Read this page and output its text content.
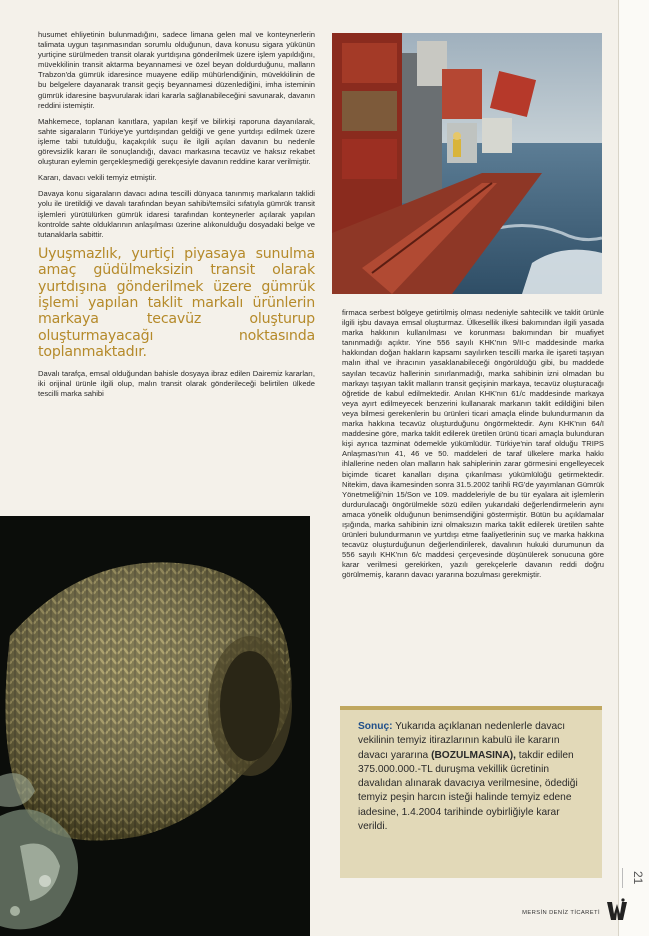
husumet ehliyetinin bulunmadığını, sadece limana gelen mal ve konteynerlerin talimata uygun taşınmasından sorumlu olduğunun, dava konusu sigara yükünün yurtiçine sürülmeden transit olarak yurtdışına gönderilmek üzere işlem yapıldığını, müvekkilinin transit aktarma beyannamesi ve özel beyan doldurduğunu, malların Trabzon'da gümrük idaresince muayene edilip mühürlendiğinin, müvekkilinin de bu belgelere dayanarak transit geçiş beyannamesi düzenlediğini, imha isteminin gümrük idaresine başvurularak idari kararla sağlanabileceğini savunarak, davanın reddini istemiştir.

Mahkemece, toplanan kanıtlara, yapılan keşif ve bilirkişi raporuna dayanılarak, sahte sigaraların Türkiye'ye yurtdışından geldiği ve gene yurtdışı edilmek üzere işleme tabi tutulduğu, kaçakçılık suçu ile ilgili açılan davanın bu nedenle görevsizlik kararı ile sonuçlandığı, davacı markasına tecavüz ve haksız rekabet oluşturan eylemin gerçekleşmediği gerekçesiyle davanın reddine karar verilmiştir.

Kararı, davacı vekili temyiz etmiştir.

Davaya konu sigaraların davacı adına tescilli dünyaca tanınmış markaların taklidi yolu ile üretildiği ve davalı tarafından beyan sahibi/temsilci sıfatıyla gümrük transit işlemleri yürütülürken gümrük idaresi tarafından konteynerler açılarak yapılan kontrolde sahte olduklarının anlaşılması üzerine alıkonulduğu dosyadaki belge ve tutanaklarla sabittir.

Uyuşmazlık, yurtiçi piyasaya sunulma amaç güdülmeksizin transit olarak yurtdışına gönderilmek üzere gümrük işlemi yapılan taklit markalı ürünlerin markaya tecavüz oluşturup oluşturmayacağı noktasında toplanmaktadır.

Davalı tarafça, emsal olduğundan bahisle dosyaya ibraz edilen Dairemiz kararları, iki orijinal ürünle ilgili olup, malın transit olarak gönderileceği belirtilen ülkede tescilli marka sahibi

firmaca serbest bölgeye getirtilmiş olması nedeniyle sahtecilik ve taklit ürünle ilgili işbu davaya emsal oluşturmaz. Ülkesellik ilkesi bakımından ilgili yasada marka hakkının kullanılması ve korunması bakımından bir muafiyet tanınmadığı açıktır. Yine 556 sayılı KHK'nın 9/II-c maddesinde marka hakkından doğan hakların kapsamı sayılırken tescilli marka ile işareti taşıyan malın ithal ve ihracının yasaklanabileceği öngörüldüğü gibi, bu maddede sayılan tecavüz hallerinin sınırlanmadığı, marka sahibinin izni olmadan bu markayı taşıyan taklit malların transit geçişinin markaya, tecavüz oluşturacağı öğretide de kabul edilmektedir. Anılan KHK'nın 61/c maddesinde markaya veya ayırt edilmeyecek benzerini kullanarak markanın taklit edildiğini bilen veya bilmesi gerekenlerin bu ürünleri ticari amaçla elinde bulundurmanın da marka hakkına tecavüz oluşturduğunu öngörmektedir. Aynı KHK'nın 64/I maddesine göre, marka taklit edilerek üretilen ürünü ticari amaçla bulunduran kişi ayrıca tazminat ödemekle yükümlüdür. Türkiye'nin taraf olduğu TRIPS Anlaşması'nın 41, 46 ve 50. maddeleri de taraf ülkelere marka hakkı ihlallerine neden olan malların hak sahiplerinin zarar görmesini engelleyecek biçimde ticaret kanalları dışına çıkarılması yükümlülüğü getirmektedir. Nitekim, dava ikamesinden sonra 31.5.2002 tarihli RG'de yayımlanan Gümrük Yönetmeliği'nin 15/Son ve 109. maddeleriyle de bu tür eyalara ait işlemlerin durdurulacağı öngörülmekle sözü edilen yukarıdaki değerlendirmelerin aynı amaca yönelik olduğunun benimsendiğini göstermiştir. Bütün bu açıklamalar ışığında, marka sahibinin izni olmaksızın marka taklit edilerek üretilen sahte ürünleri bulundurmanın ve yurtdışı etme faaliyetlerinin suç ve marka hakkına tecavüz oluşturduğunun değerlendirilerek, davalının hukuki durumunun da 556 sayılı KHK'nın 6/c maddesi çerçevesinde düşünülerek sonucuna göre karar verilmesi gerekirken, yazılı gerekçelerle davanın reddi doğru görülmemiş, kararın davacı yararına bozulması gerekmiştir.

Sonuç: Yukarıda açıklanan nedenlerle davacı vekilinin temyiz itirazlarının kabulü ile kararın davacı yararına (BOZULMASINA), takdir edilen 375.000.000.-TL duruşma vekillik ücretinin davalıdan alınarak davacıya verilmesine, ödediği temyiz peşin harcın isteği halinde temyiz edene iadesine, 1.4.2004 tarihinde oybirliğiyle karar verildi.
21
MERSİN DENİZ TİCARETİ
